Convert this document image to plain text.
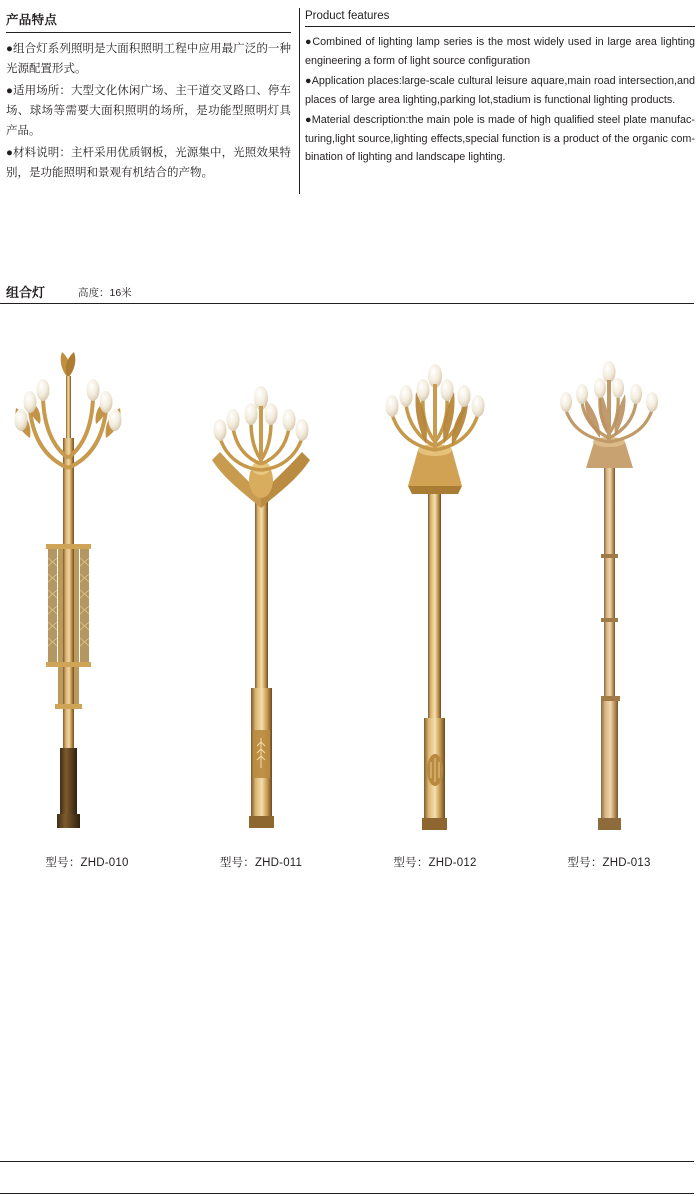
产品特点

●组合灯系列照明是大面积照明工程中应用最广泛的一种光源配置形式。

●适用场所：大型文化休闲广场、主干道交叉路口、停车场、球场等需要大面积照明的场所，是功能型照明灯具产品。

●材料说明：主杆采用优质钢板，光源集中，光照效果特别，是功能照明和景观有机结合的产物。

Product features

●Combined of lighting lamp series is the most widely used in large area lighting engineering a form of light source configuration

●Application places:large-scale cultural leisure aquare,main road intersection,and places of large area lighting,parking lot,stadium is functional lighting products.

●Material description:the main pole is made of high qualified steel plate manufac-turing,light source,lighting effects,special function is a product of the organic com-bination of lighting and landscape lighting.

组合灯	高度：16米
型号：ZHD-010	型号：ZHD-011	型号：ZHD-012	型号：ZHD-013
